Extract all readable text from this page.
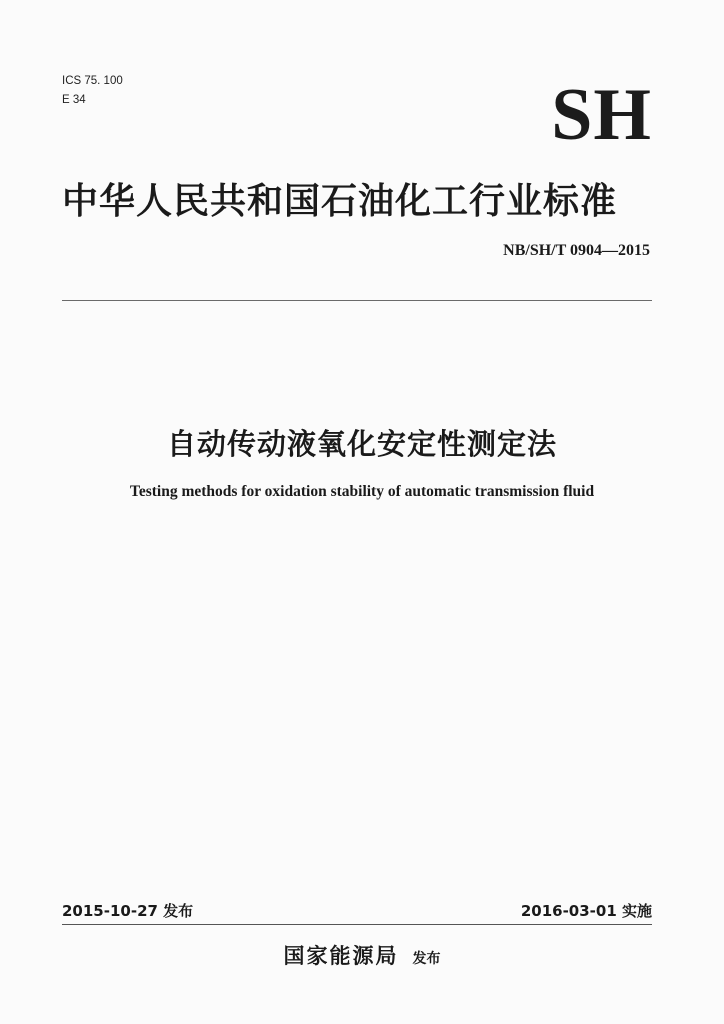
ICS 75. 100
E 34	SH
中华人民共和国石油化工行业标准
NB/SH/T 0904—2015
自动传动液氧化安定性测定法
Testing methods for oxidation stability of automatic transmission fluid
2015-10-27 发布	2016-03-01 实施
国家能源局 发布
